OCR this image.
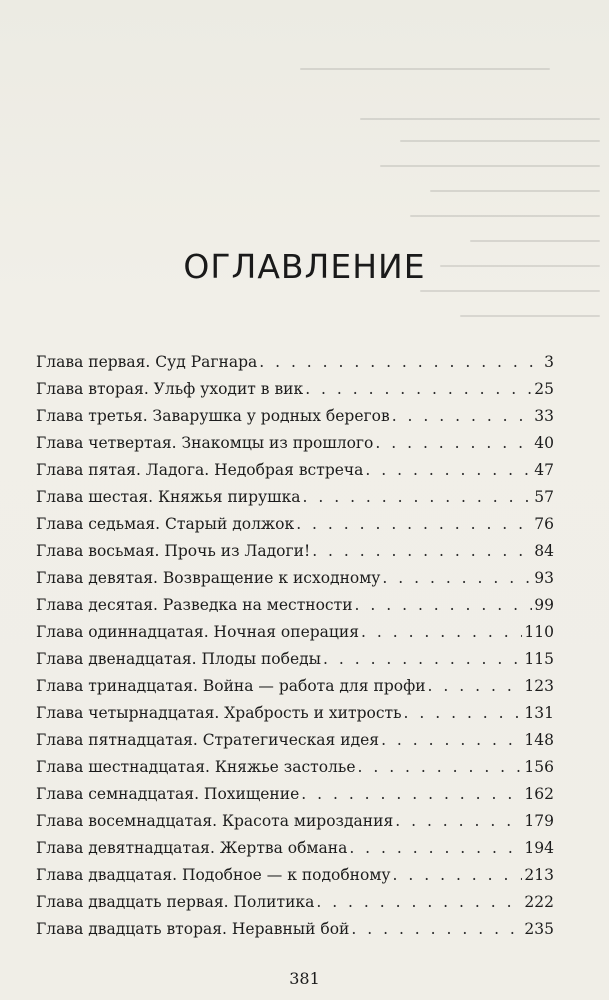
ОГЛАВЛЕНИЕ
Глава первая. Суд Рагнара . . .	3
Глава вторая. Ульф уходит в вик . . .	25
Глава третья. Заварушка у родных берегов . . .	33
Глава четвертая. Знакомцы из прошлого . . .	40
Глава пятая. Ладога. Недобрая встреча . . .	47
Глава шестая. Княжья пирушка . . .	57
Глава седьмая. Старый должок . . .	76
Глава восьмая. Прочь из Ладоги! . . .	84
Глава девятая. Возвращение к исходному . . .	93
Глава десятая. Разведка на местности . . .	99
Глава одиннадцатая. Ночная операция . . .	110
Глава двенадцатая. Плоды победы . . .	115
Глава тринадцатая. Война — работа для профи . . .	123
Глава четырнадцатая. Храбрость и хитрость . . .	131
Глава пятнадцатая. Стратегическая идея . . .	148
Глава шестнадцатая. Княжье застолье . . .	156
Глава семнадцатая. Похищение . . .	162
Глава восемнадцатая. Красота мироздания . . .	179
Глава девятнадцатая. Жертва обмана . . .	194
Глава двадцатая. Подобное — к подобному . . .	213
Глава двадцать первая. Политика . . .	222
Глава двадцать вторая. Неравный бой . . .	235
381
